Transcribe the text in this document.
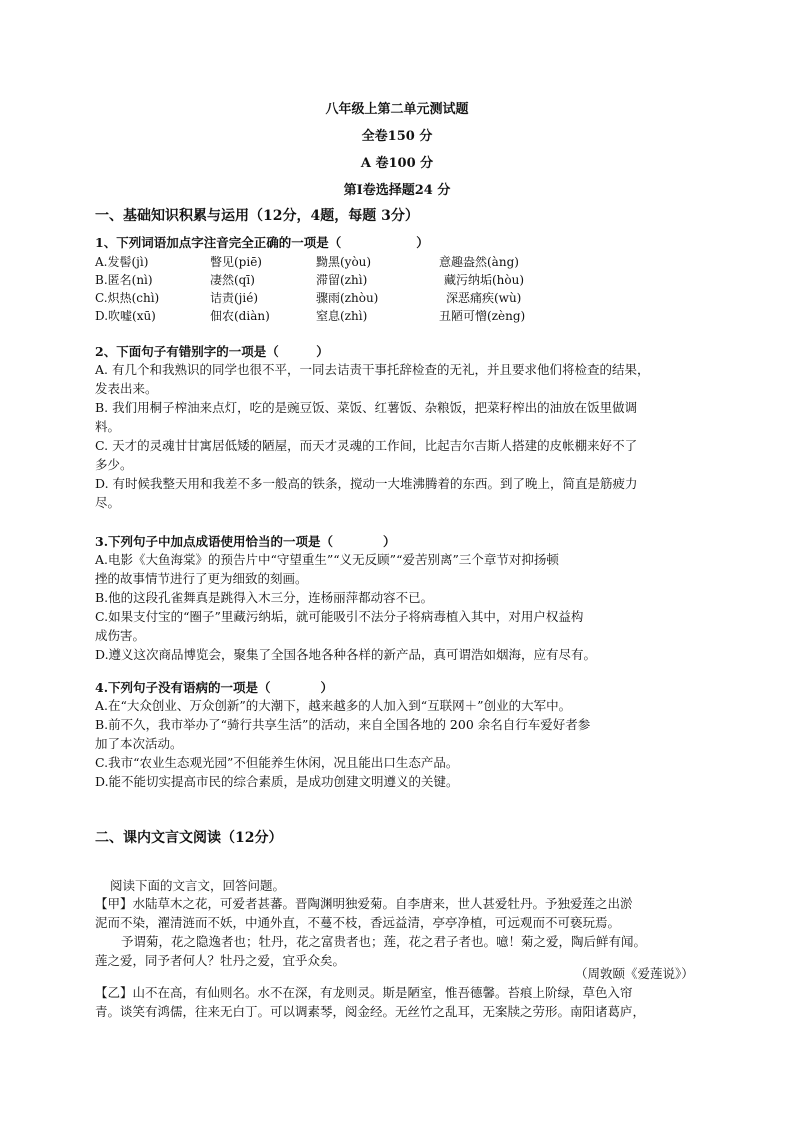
八年级上第二单元测试题
全卷150 分
A 卷100 分
第Ⅰ卷选择题24 分
一、基础知识积累与运用（12分，4题，每题 3分）
1、下列词语加点字注音完全正确的一项是（　　　　　　）
A.发髻(jì)	瞥见(piē)	黝黑(yòu)	意趣盎然(àng)
B.匿名(nì)	凄然(qī)	滞留(zhì)	藏污纳垢(hòu)
C.炽热(chì)	诘责(jié)	骤雨(zhòu)	深恶痛疾(wù)
D.吹嘘(xū)	佃农(diàn)	窒息(zhì)	丑陋可憎(zèng)
2、下面句子有错别字的一项是（　　　）
A. 有几个和我熟识的同学也很不平，一同去诘责干事托辞检查的无礼，并且要求他们将检查的结果，
发表出来。
B. 我们用桐子榨油来点灯，吃的是豌豆饭、菜饭、红薯饭、杂粮饭，把菜籽榨出的油放在饭里做调
料。
C. 天才的灵魂甘甘寓居低矮的陋屋，而天才灵魂的工作间，比起吉尔吉斯人搭建的皮帐棚来好不了
多少。
D. 有时候我整天用和我差不多一般高的铁条，搅动一大堆沸腾着的东西。到了晚上，简直是筋疲力
尽。
3.下列句子中加点成语使用恰当的一项是（　　　　）
A.电影《大鱼海棠》的预告片中“守望重生”“义无反顾”“爱苦别离”三个章节对抑扬顿
挫的故事情节进行了更为细致的刻画。
B.他的这段孔雀舞真是跳得入木三分，连杨丽萍都动容不已。
C.如果支付宝的“圈子”里藏污纳垢，就可能吸引不法分子将病毒植入其中，对用户权益构
成伤害。
D.遵义这次商品博览会，聚集了全国各地各种各样的新产品，真可谓浩如烟海，应有尽有。
4.下列句子没有语病的一项是（　　　　）
A.在“大众创业、万众创新”的大潮下，越来越多的人加入到“互联网＋”创业的大军中。
B.前不久，我市举办了“骑行共享生活”的活动，来自全国各地的 200 余名自行车爱好者参
加了本次活动。
C.我市“农业生态观光园”不但能养生休闲，况且能出口生态产品。
D.能不能切实提高市民的综合素质，是成功创建文明遵义的关键。
二、课内文言文阅读（12分）
阅读下面的文言文，回答问题。
【甲】水陆草木之花，可爱者甚蕃。晋陶渊明独爱菊。自李唐来，世人甚爱牡丹。予独爱莲之出淤
泥而不染，濯清涟而不妖，中通外直，不蔓不枝，香远益清，亭亭净植，可远观而不可亵玩焉。
予谓菊，花之隐逸者也；牡丹，花之富贵者也；莲，花之君子者也。噫！菊之爱，陶后鲜有闻。
莲之爱，同予者何人？牡丹之爱，宜乎众矣。
（周敦颐《爱莲说》）
【乙】山不在高，有仙则名。水不在深，有龙则灵。斯是陋室，惟吾德馨。苔痕上阶绿，草色入帘
青。谈笑有鸿儒，往来无白丁。可以调素琴，阅金经。无丝竹之乱耳，无案牍之劳形。南阳诸葛庐，
